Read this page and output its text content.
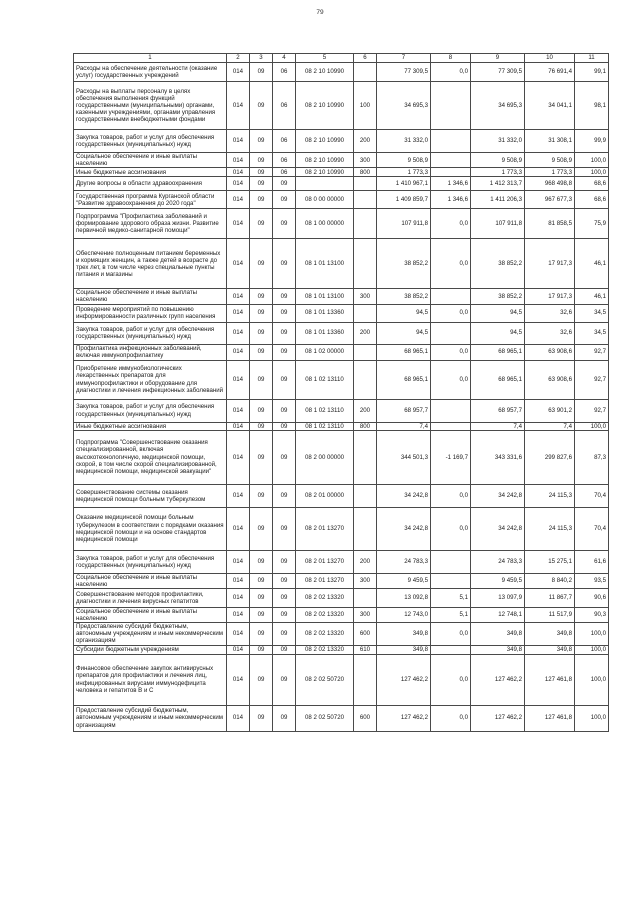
79
1	2	3	4	5	6	7	8	9	10	11
Расходы на обеспечение деятельности (оказание услуг) государственных учреждений	014	09	06	08 2 10 10990		77 309,5	0,0	77 309,5	76 691,4	99,1
Расходы на выплаты персоналу в целях обеспечения выполнения функций государственными (муниципальными) органами, казенными учреждениями, органами управления государственными внебюджетными фондами	014	09	06	08 2 10 10990	100	34 695,3		34 695,3	34 041,1	98,1
Закупка товаров, работ и услуг для обеспечения государственных (муниципальных) нужд	014	09	06	08 2 10 10990	200	31 332,0		31 332,0	31 308,1	99,9
Социальное обеспечение и иные выплаты населению	014	09	06	08 2 10 10990	300	9 508,9		9 508,9	9 508,9	100,0
Иные бюджетные ассигнования	014	09	06	08 2 10 10990	800	1 773,3		1 773,3	1 773,3	100,0
Другие вопросы в области здравоохранения	014	09	09			1 410 967,1	1 346,6	1 412 313,7	968 498,8	68,6
Государственная программа Курганской области "Развитие здравоохранения до 2020 года"	014	09	09	08 0 00 00000		1 409 859,7	1 346,6	1 411 206,3	967 677,3	68,6
Подпрограмма "Профилактика заболеваний и формирование здорового образа жизни. Развитие первичной медико-санитарной помощи"	014	09	09	08 1 00 00000		107 911,8	0,0	107 911,8	81 858,5	75,9
Обеспечение полноценным питанием беременных и кормящих женщин, а также детей в возрасте до трех лет, в том числе через специальные пункты питания и магазины	014	09	09	08 1 01 13100		38 852,2	0,0	38 852,2	17 917,3	46,1
Социальное обеспечение и иные выплаты населению	014	09	09	08 1 01 13100	300	38 852,2		38 852,2	17 917,3	46,1
Проведение мероприятий по повышению информированности различных групп населения	014	09	09	08 1 01 13360		94,5	0,0	94,5	32,6	34,5
Закупка товаров, работ и услуг для обеспечения государственных (муниципальных) нужд	014	09	09	08 1 01 13360	200	94,5		94,5	32,6	34,5
Профилактика инфекционных заболеваний, включая иммунопрофилактику	014	09	09	08 1 02 00000		68 965,1	0,0	68 965,1	63 908,6	92,7
Приобретение иммунобиологических лекарственных препаратов для иммунопрофилактики и оборудование для диагностики и лечения инфекционных заболеваний	014	09	09	08 1 02 13110		68 965,1	0,0	68 965,1	63 908,6	92,7
Закупка товаров, работ и услуг для обеспечения государственных (муниципальных) нужд	014	09	09	08 1 02 13110	200	68 957,7		68 957,7	63 901,2	92,7
Иные бюджетные ассигнования	014	09	09	08 1 02 13110	800	7,4		7,4	7,4	100,0
Подпрограмма "Совершенствование оказания специализированной, включая высокотехнологичную, медицинской помощи, скорой, в том числе скорой специализированной, медицинской помощи, медицинской эвакуации"	014	09	09	08 2 00 00000		344 501,3	-1 169,7	343 331,6	299 827,6	87,3
Совершенствование системы оказания медицинской помощи больным туберкулезом	014	09	09	08 2 01 00000		34 242,8	0,0	34 242,8	24 115,3	70,4
Оказание медицинской помощи больным туберкулезом в соответствии с порядками оказания медицинской помощи и на основе стандартов медицинской помощи	014	09	09	08 2 01 13270		34 242,8	0,0	34 242,8	24 115,3	70,4
Закупка товаров, работ и услуг для обеспечения государственных (муниципальных) нужд	014	09	09	08 2 01 13270	200	24 783,3		24 783,3	15 275,1	61,6
Социальное обеспечение и иные выплаты населению	014	09	09	08 2 01 13270	300	9 459,5		9 459,5	8 840,2	93,5
Совершенствование методов профилактики, диагностики и лечения вирусных гепатитов	014	09	09	08 2 02 13320		13 092,8	5,1	13 097,9	11 867,7	90,6
Социальное обеспечение и иные выплаты населению	014	09	09	08 2 02 13320	300	12 743,0	5,1	12 748,1	11 517,9	90,3
Предоставление субсидий бюджетным, автономным учреждениям и иным некоммерческим организациям	014	09	09	08 2 02 13320	600	349,8	0,0	349,8	349,8	100,0
Субсидии бюджетным учреждениям	014	09	09	08 2 02 13320	610	349,8		349,8	349,8	100,0
Финансовое обеспечение закупок антивирусных препаратов для профилактики и лечения лиц, инфицированных вирусами иммунодефицита человека и гепатитов B и C	014	09	09	08 2 02 50720		127 462,2	0,0	127 462,2	127 461,8	100,0
Предоставление субсидий бюджетным, автономным учреждениям и иным некоммерческим организациям	014	09	09	08 2 02 50720	600	127 462,2	0,0	127 462,2	127 461,8	100,0
